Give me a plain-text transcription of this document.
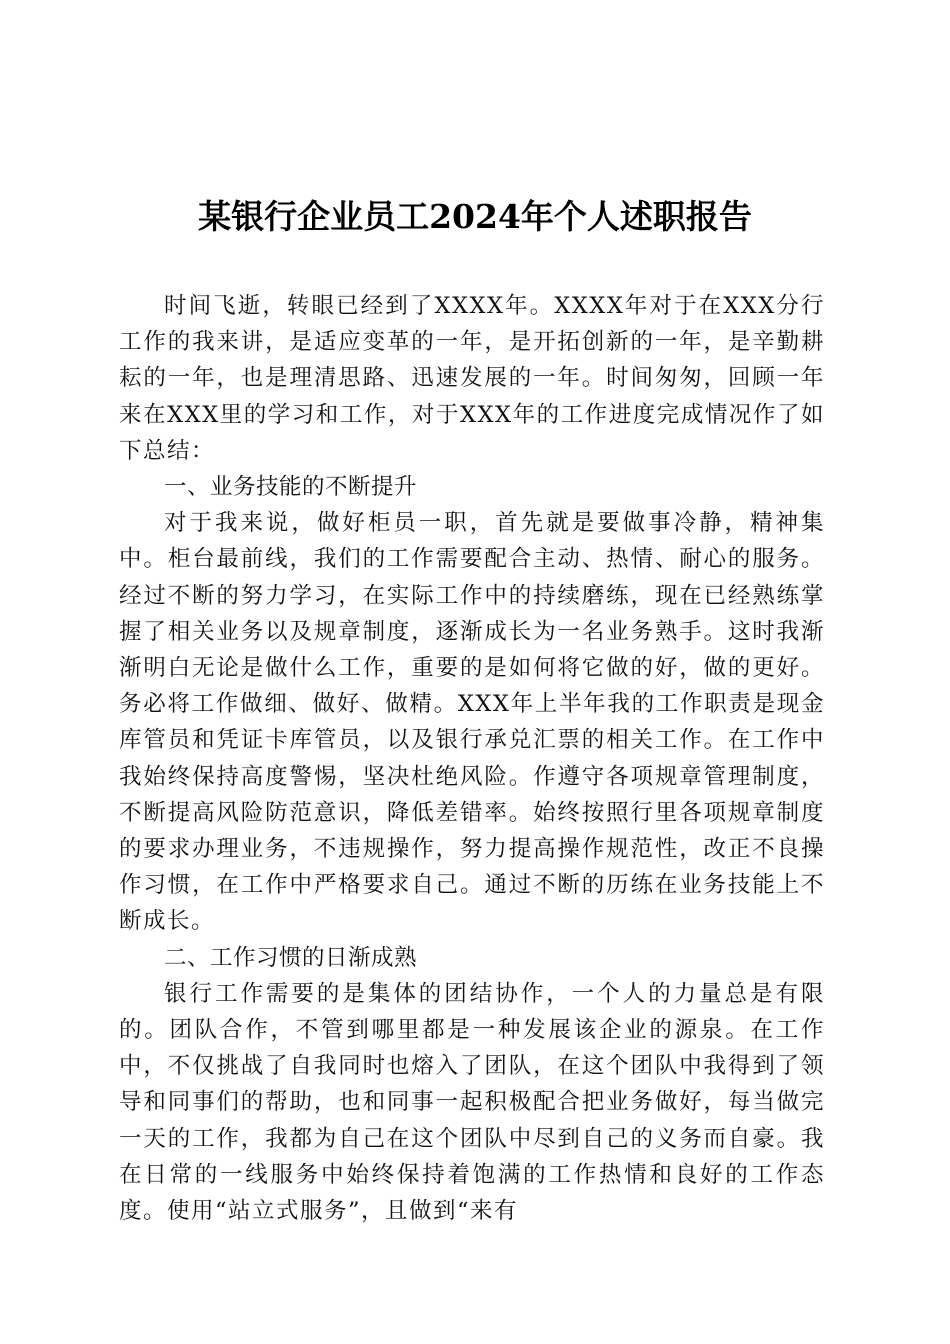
某银行企业员工2024年个人述职报告

时间飞逝，转眼已经到了XXXX年。XXXX年对于在XXX分行工作的我来讲，是适应变革的一年，是开拓创新的一年，是辛勤耕耘的一年，也是理清思路、迅速发展的一年。时间匆匆，回顾一年来在XXX里的学习和工作，对于XXX年的工作进度完成情况作了如下总结：

一、业务技能的不断提升

对于我来说，做好柜员一职，首先就是要做事冷静，精神集中。柜台最前线，我们的工作需要配合主动、热情、耐心的服务。经过不断的努力学习，在实际工作中的持续磨练，现在已经熟练掌握了相关业务以及规章制度，逐渐成长为一名业务熟手。这时我渐渐明白无论是做什么工作，重要的是如何将它做的好，做的更好。务必将工作做细、做好、做精。XXX年上半年我的工作职责是现金库管员和凭证卡库管员，以及银行承兑汇票的相关工作。在工作中我始终保持高度警惕，坚决杜绝风险。作遵守各项规章管理制度，不断提高风险防范意识，降低差错率。始终按照行里各项规章制度的要求办理业务，不违规操作，努力提高操作规范性，改正不良操作习惯，在工作中严格要求自己。通过不断的历练在业务技能上不断成长。

二、工作习惯的日渐成熟

银行工作需要的是集体的团结协作，一个人的力量总是有限的。团队合作，不管到哪里都是一种发展该企业的源泉。在工作中，不仅挑战了自我同时也熔入了团队，在这个团队中我得到了领导和同事们的帮助，也和同事一起积极配合把业务做好，每当做完一天的工作，我都为自己在这个团队中尽到自己的义务而自豪。我在日常的一线服务中始终保持着饱满的工作热情和良好的工作态度。使用“站立式服务”，且做到“来有
